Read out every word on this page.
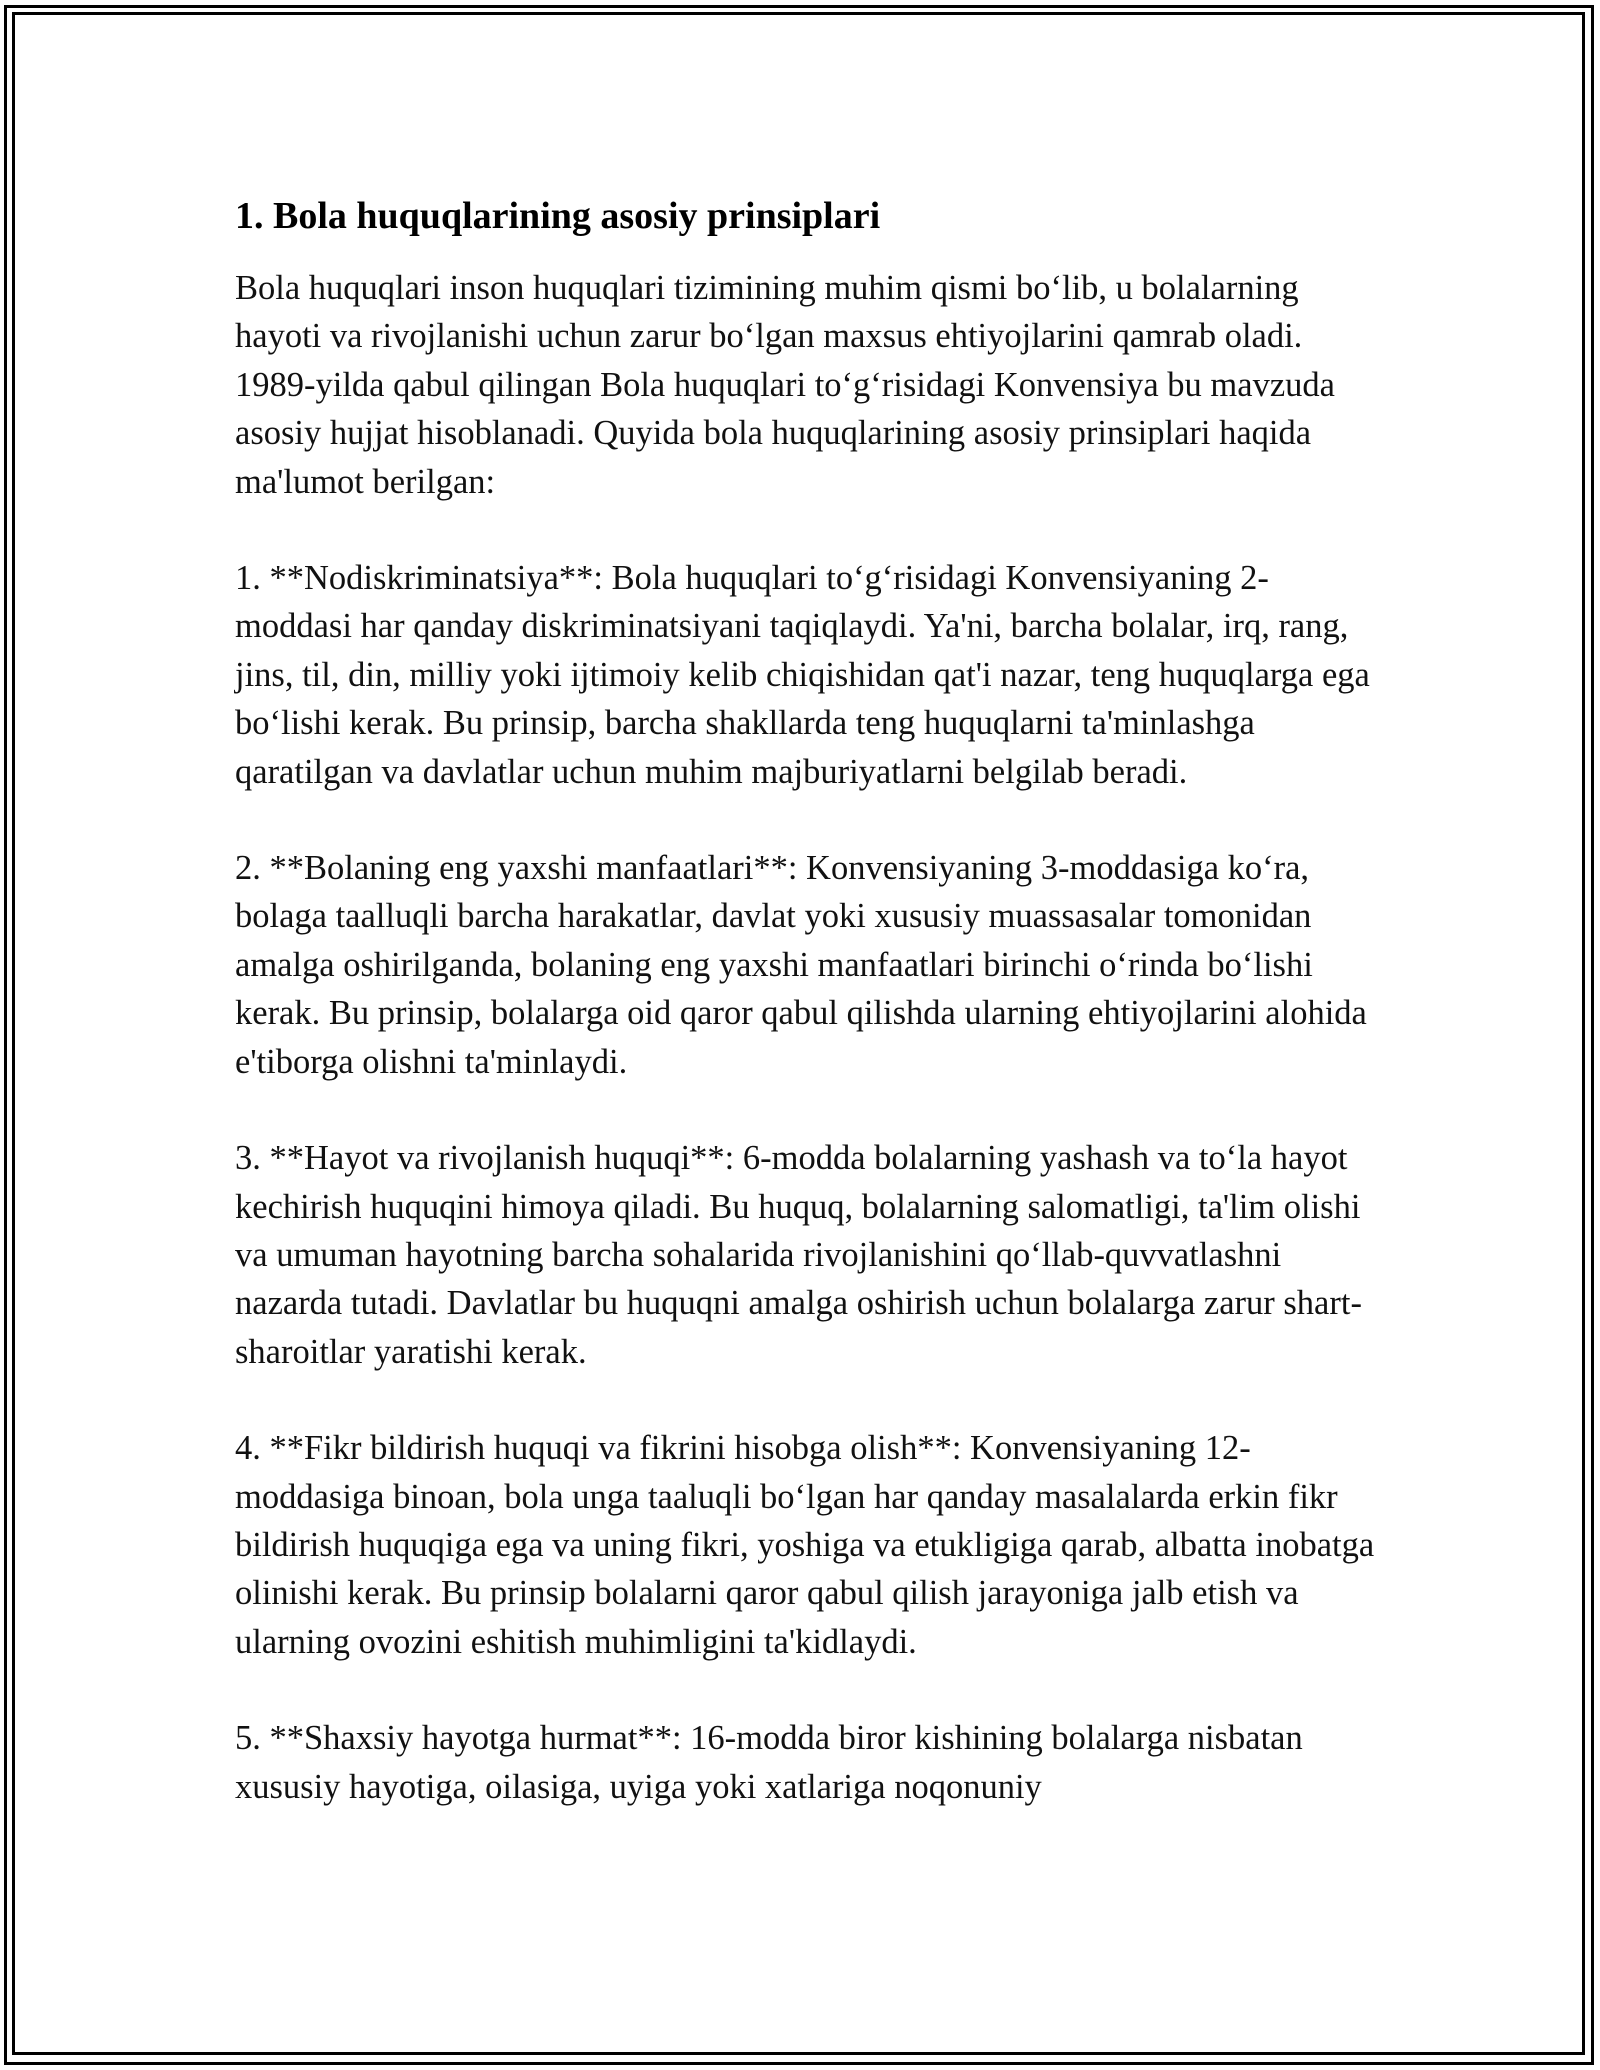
1. Bola huquqlarining asosiy prinsiplari

Bola huquqlari inson huquqlari tizimining muhim qismi bo‘lib, u bolalarning hayoti va rivojlanishi uchun zarur bo‘lgan maxsus ehtiyojlarini qamrab oladi. 1989-yilda qabul qilingan Bola huquqlari to‘g‘risidagi Konvensiya bu mavzuda asosiy hujjat hisoblanadi. Quyida bola huquqlarining asosiy prinsiplari haqida ma'lumot berilgan:

1. **Nodiskriminatsiya**: Bola huquqlari to‘g‘risidagi Konvensiyaning 2-moddasi har qanday diskriminatsiyani taqiqlaydi. Ya'ni, barcha bolalar, irq, rang, jins, til, din, milliy yoki ijtimoiy kelib chiqishidan qat'i nazar, teng huquqlarga ega bo‘lishi kerak. Bu prinsip, barcha shakllarda teng huquqlarni ta'minlashga qaratilgan va davlatlar uchun muhim majburiyatlarni belgilab beradi.

2. **Bolaning eng yaxshi manfaatlari**: Konvensiyaning 3-moddasiga ko‘ra, bolaga taalluqli barcha harakatlar, davlat yoki xususiy muassasalar tomonidan amalga oshirilganda, bolaning eng yaxshi manfaatlari birinchi o‘rinda bo‘lishi kerak. Bu prinsip, bolalarga oid qaror qabul qilishda ularning ehtiyojlarini alohida e'tiborga olishni ta'minlaydi.

3. **Hayot va rivojlanish huquqi**: 6-modda bolalarning yashash va to‘la hayot kechirish huquqini himoya qiladi. Bu huquq, bolalarning salomatligi, ta'lim olishi va umuman hayotning barcha sohalarida rivojlanishini qo‘llab-quvvatlashni nazarda tutadi. Davlatlar bu huquqni amalga oshirish uchun bolalarga zarur shart-sharoitlar yaratishi kerak.

4. **Fikr bildirish huquqi va fikrini hisobga olish**: Konvensiyaning 12-moddasiga binoan, bola unga taaluqli bo‘lgan har qanday masalalarda erkin fikr bildirish huquqiga ega va uning fikri, yoshiga va etukligiga qarab, albatta inobatga olinishi kerak. Bu prinsip bolalarni qaror qabul qilish jarayoniga jalb etish va ularning ovozini eshitish muhimligini ta'kidlaydi.

5. **Shaxsiy hayotga hurmat**: 16-modda biror kishining bolalarga nisbatan xususiy hayotiga, oilasiga, uyiga yoki xatlariga noqonuniy
